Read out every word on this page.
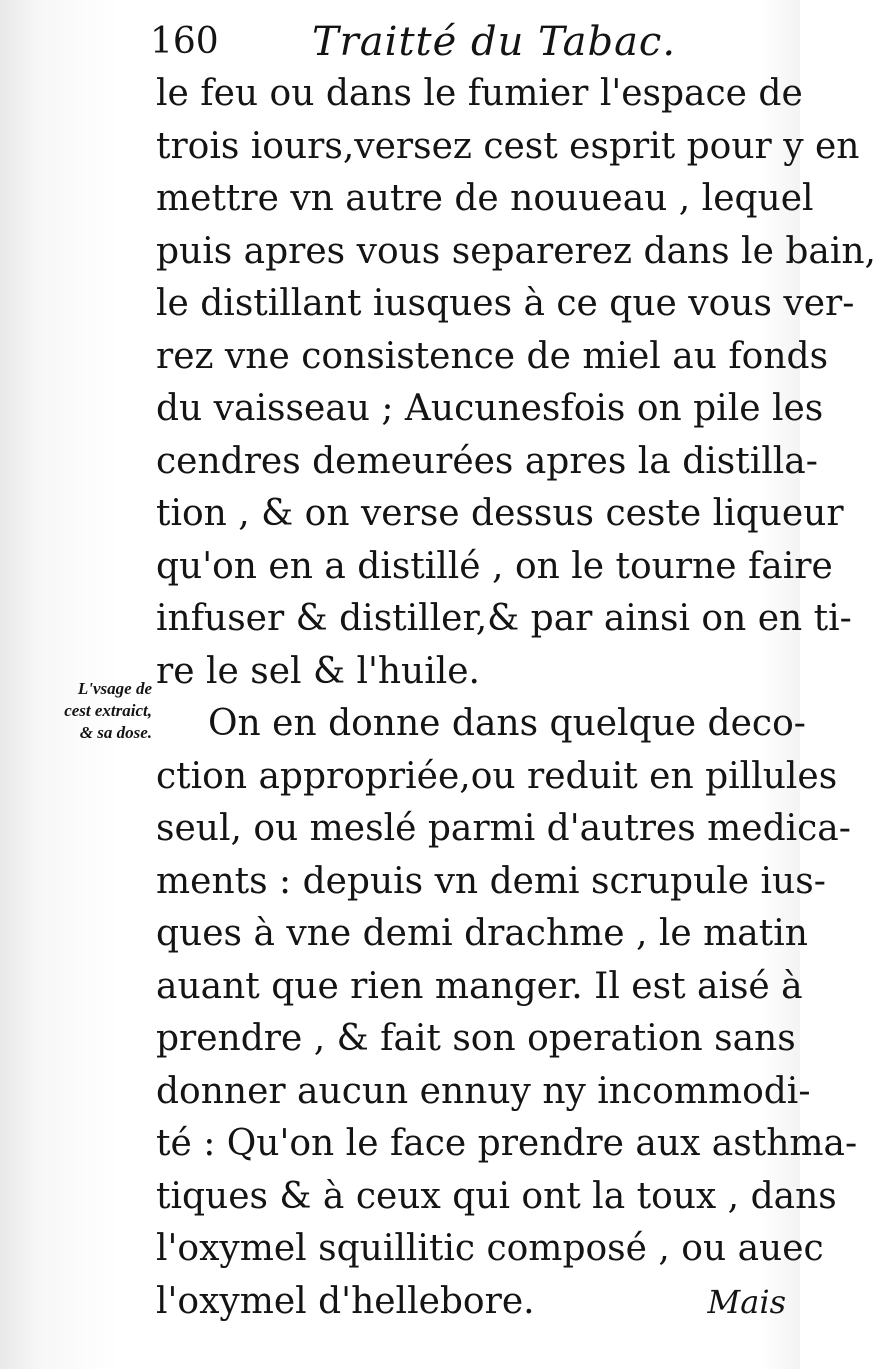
160 Traitté du Tabac.
L'vsage de
cest extraict,
& sa dose.
le feu ou dans le fumier l'espace de
trois iours,versez cest esprit pour y en
mettre vn autre de nouueau , lequel
puis apres vous separerez dans le bain,
le distillant iusques à ce que vous ver-
rez vne consistence de miel au fonds
du vaisseau ; Aucunesfois on pile les
cendres demeurées apres la distilla-
tion , & on verse dessus ceste liqueur
qu'on en a distillé , on le tourne faire
infuser & distiller,& par ainsi on en ti-
re le sel & l'huile.
On en donne dans quelque deco-
ction appropriée,ou reduit en pillules
seul, ou meslé parmi d'autres medica-
ments : depuis vn demi scrupule ius-
ques à vne demi drachme , le matin
auant que rien manger. Il est aisé à
prendre , & fait son operation sans
donner aucun ennuy ny incommodi-
té : Qu'on le face prendre aux asthma-
tiques & à ceux qui ont la toux , dans
l'oxymel squillitic composé , ou auec
l'oxymel d'hellebore.	Mais
